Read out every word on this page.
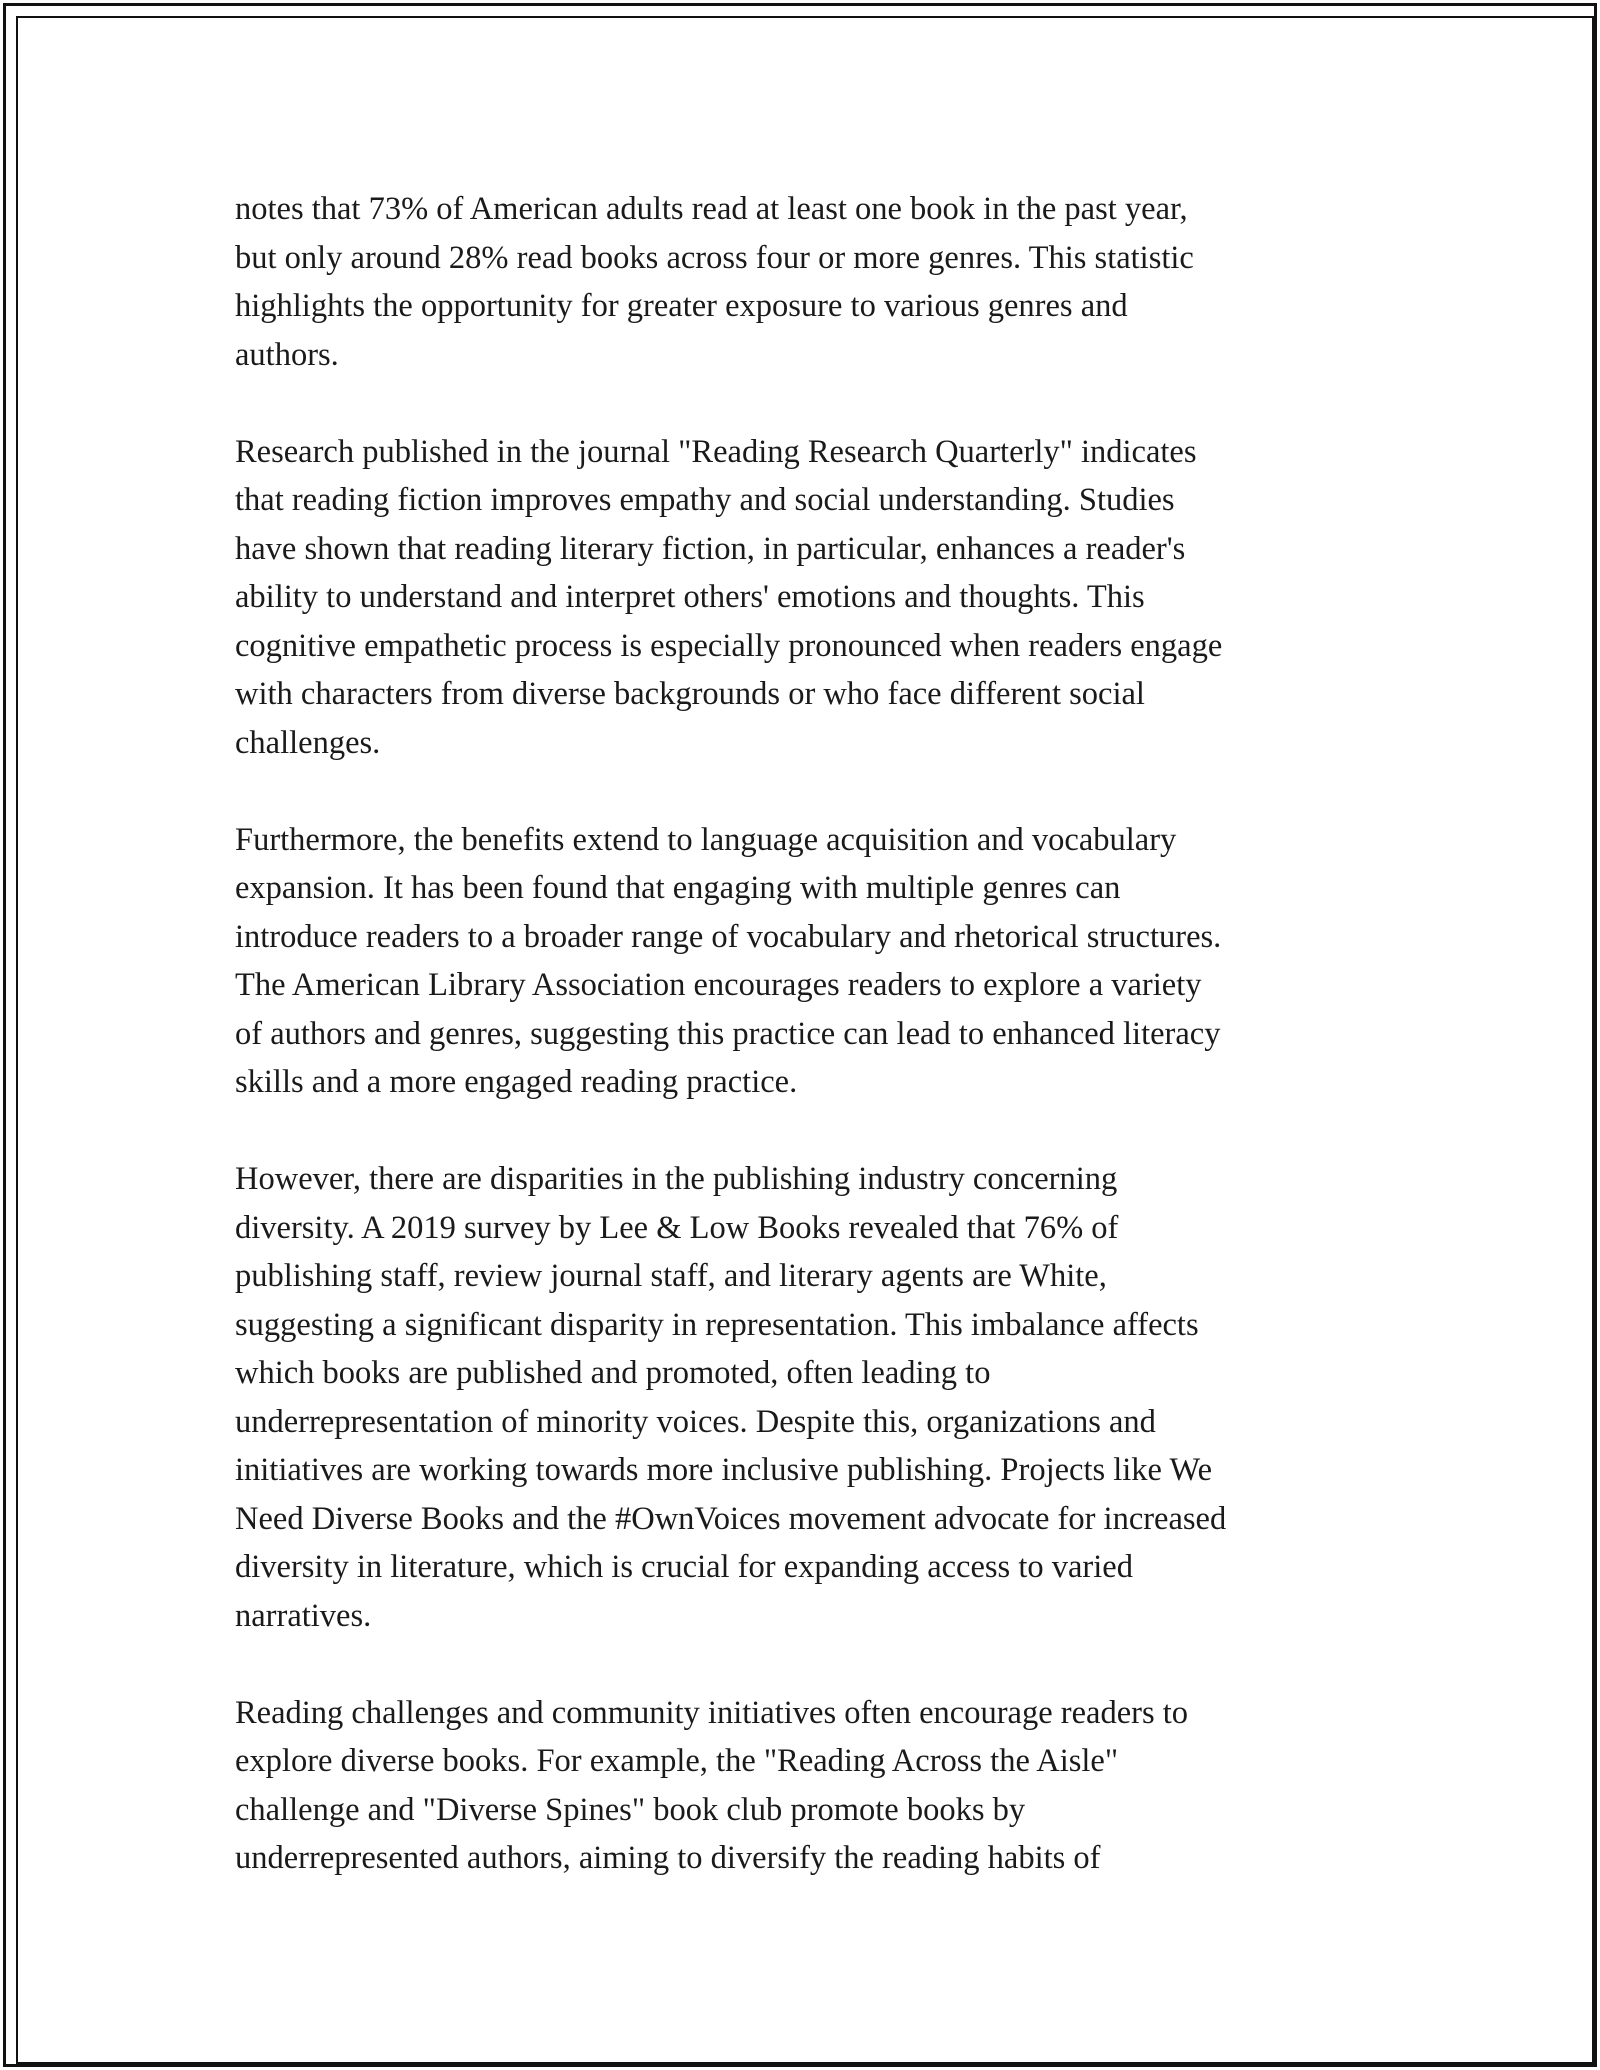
notes that 73% of American adults read at least one book in the past year,
but only around 28% read books across four or more genres. This statistic
highlights the opportunity for greater exposure to various genres and
authors.

Research published in the journal "Reading Research Quarterly" indicates
that reading fiction improves empathy and social understanding. Studies
have shown that reading literary fiction, in particular, enhances a reader's
ability to understand and interpret others' emotions and thoughts. This
cognitive empathetic process is especially pronounced when readers engage
with characters from diverse backgrounds or who face different social
challenges.

Furthermore, the benefits extend to language acquisition and vocabulary
expansion. It has been found that engaging with multiple genres can
introduce readers to a broader range of vocabulary and rhetorical structures.
The American Library Association encourages readers to explore a variety
of authors and genres, suggesting this practice can lead to enhanced literacy
skills and a more engaged reading practice.

However, there are disparities in the publishing industry concerning
diversity. A 2019 survey by Lee & Low Books revealed that 76% of
publishing staff, review journal staff, and literary agents are White,
suggesting a significant disparity in representation. This imbalance affects
which books are published and promoted, often leading to
underrepresentation of minority voices. Despite this, organizations and
initiatives are working towards more inclusive publishing. Projects like We
Need Diverse Books and the #OwnVoices movement advocate for increased
diversity in literature, which is crucial for expanding access to varied
narratives.

Reading challenges and community initiatives often encourage readers to
explore diverse books. For example, the "Reading Across the Aisle"
challenge and "Diverse Spines" book club promote books by
underrepresented authors, aiming to diversify the reading habits of
